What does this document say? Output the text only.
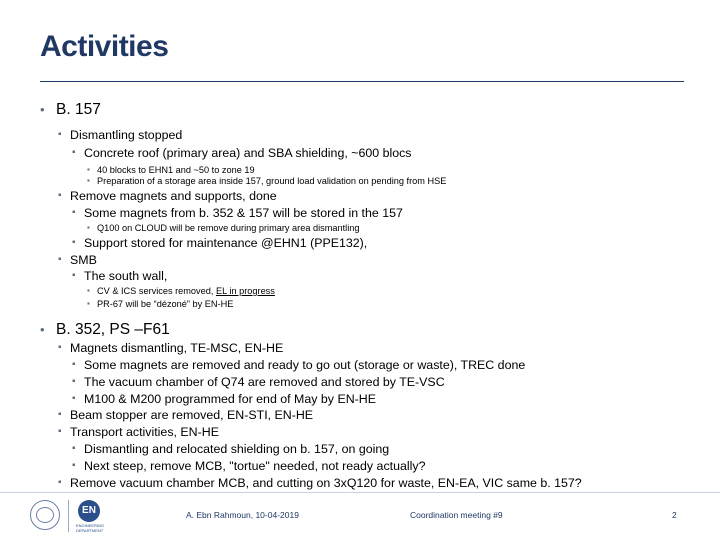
Activities
• B. 157
▪ Dismantling stopped
▪ Concrete roof (primary area) and SBA shielding, ~600 blocs
▪ 40 blocks to EHN1 and ~50 to zone 19
▪ Preparation of a storage area inside 157, ground load validation on pending from HSE
▪ Remove magnets and supports, done
▪ Some magnets from b. 352 & 157 will be stored in the 157
▪ Q100 on CLOUD will be remove during primary area dismantling
▪ Support stored for maintenance @EHN1 (PPE132),
▪ SMB
▪ The south wall,
▪ CV & ICS services removed, EL in progress
▪ PR-67 will be “dézoné” by EN-HE
• B. 352, PS –F61
▪ Magnets dismantling, TE-MSC, EN-HE
▪ Some magnets are removed and ready to go out (storage or waste), TREC done
▪ The vacuum chamber of Q74 are removed and stored by TE-VSC
▪ M100 & M200 programmed for end of May by EN-HE
▪ Beam stopper are removed, EN-STI, EN-HE
▪ Transport activities, EN-HE
▪ Dismantling and relocated shielding on b. 157, on going
▪ Next steep, remove MCB, "tortue" needed, not ready actually?
▪ Remove vacuum chamber MCB, and cutting on 3xQ120 for waste, EN-EA, VIC same b. 157?
EN
ENGINEERING DEPARTMENT
A. Ebn Rahmoun, 10-04-2019	Coordination meeting #9	2
